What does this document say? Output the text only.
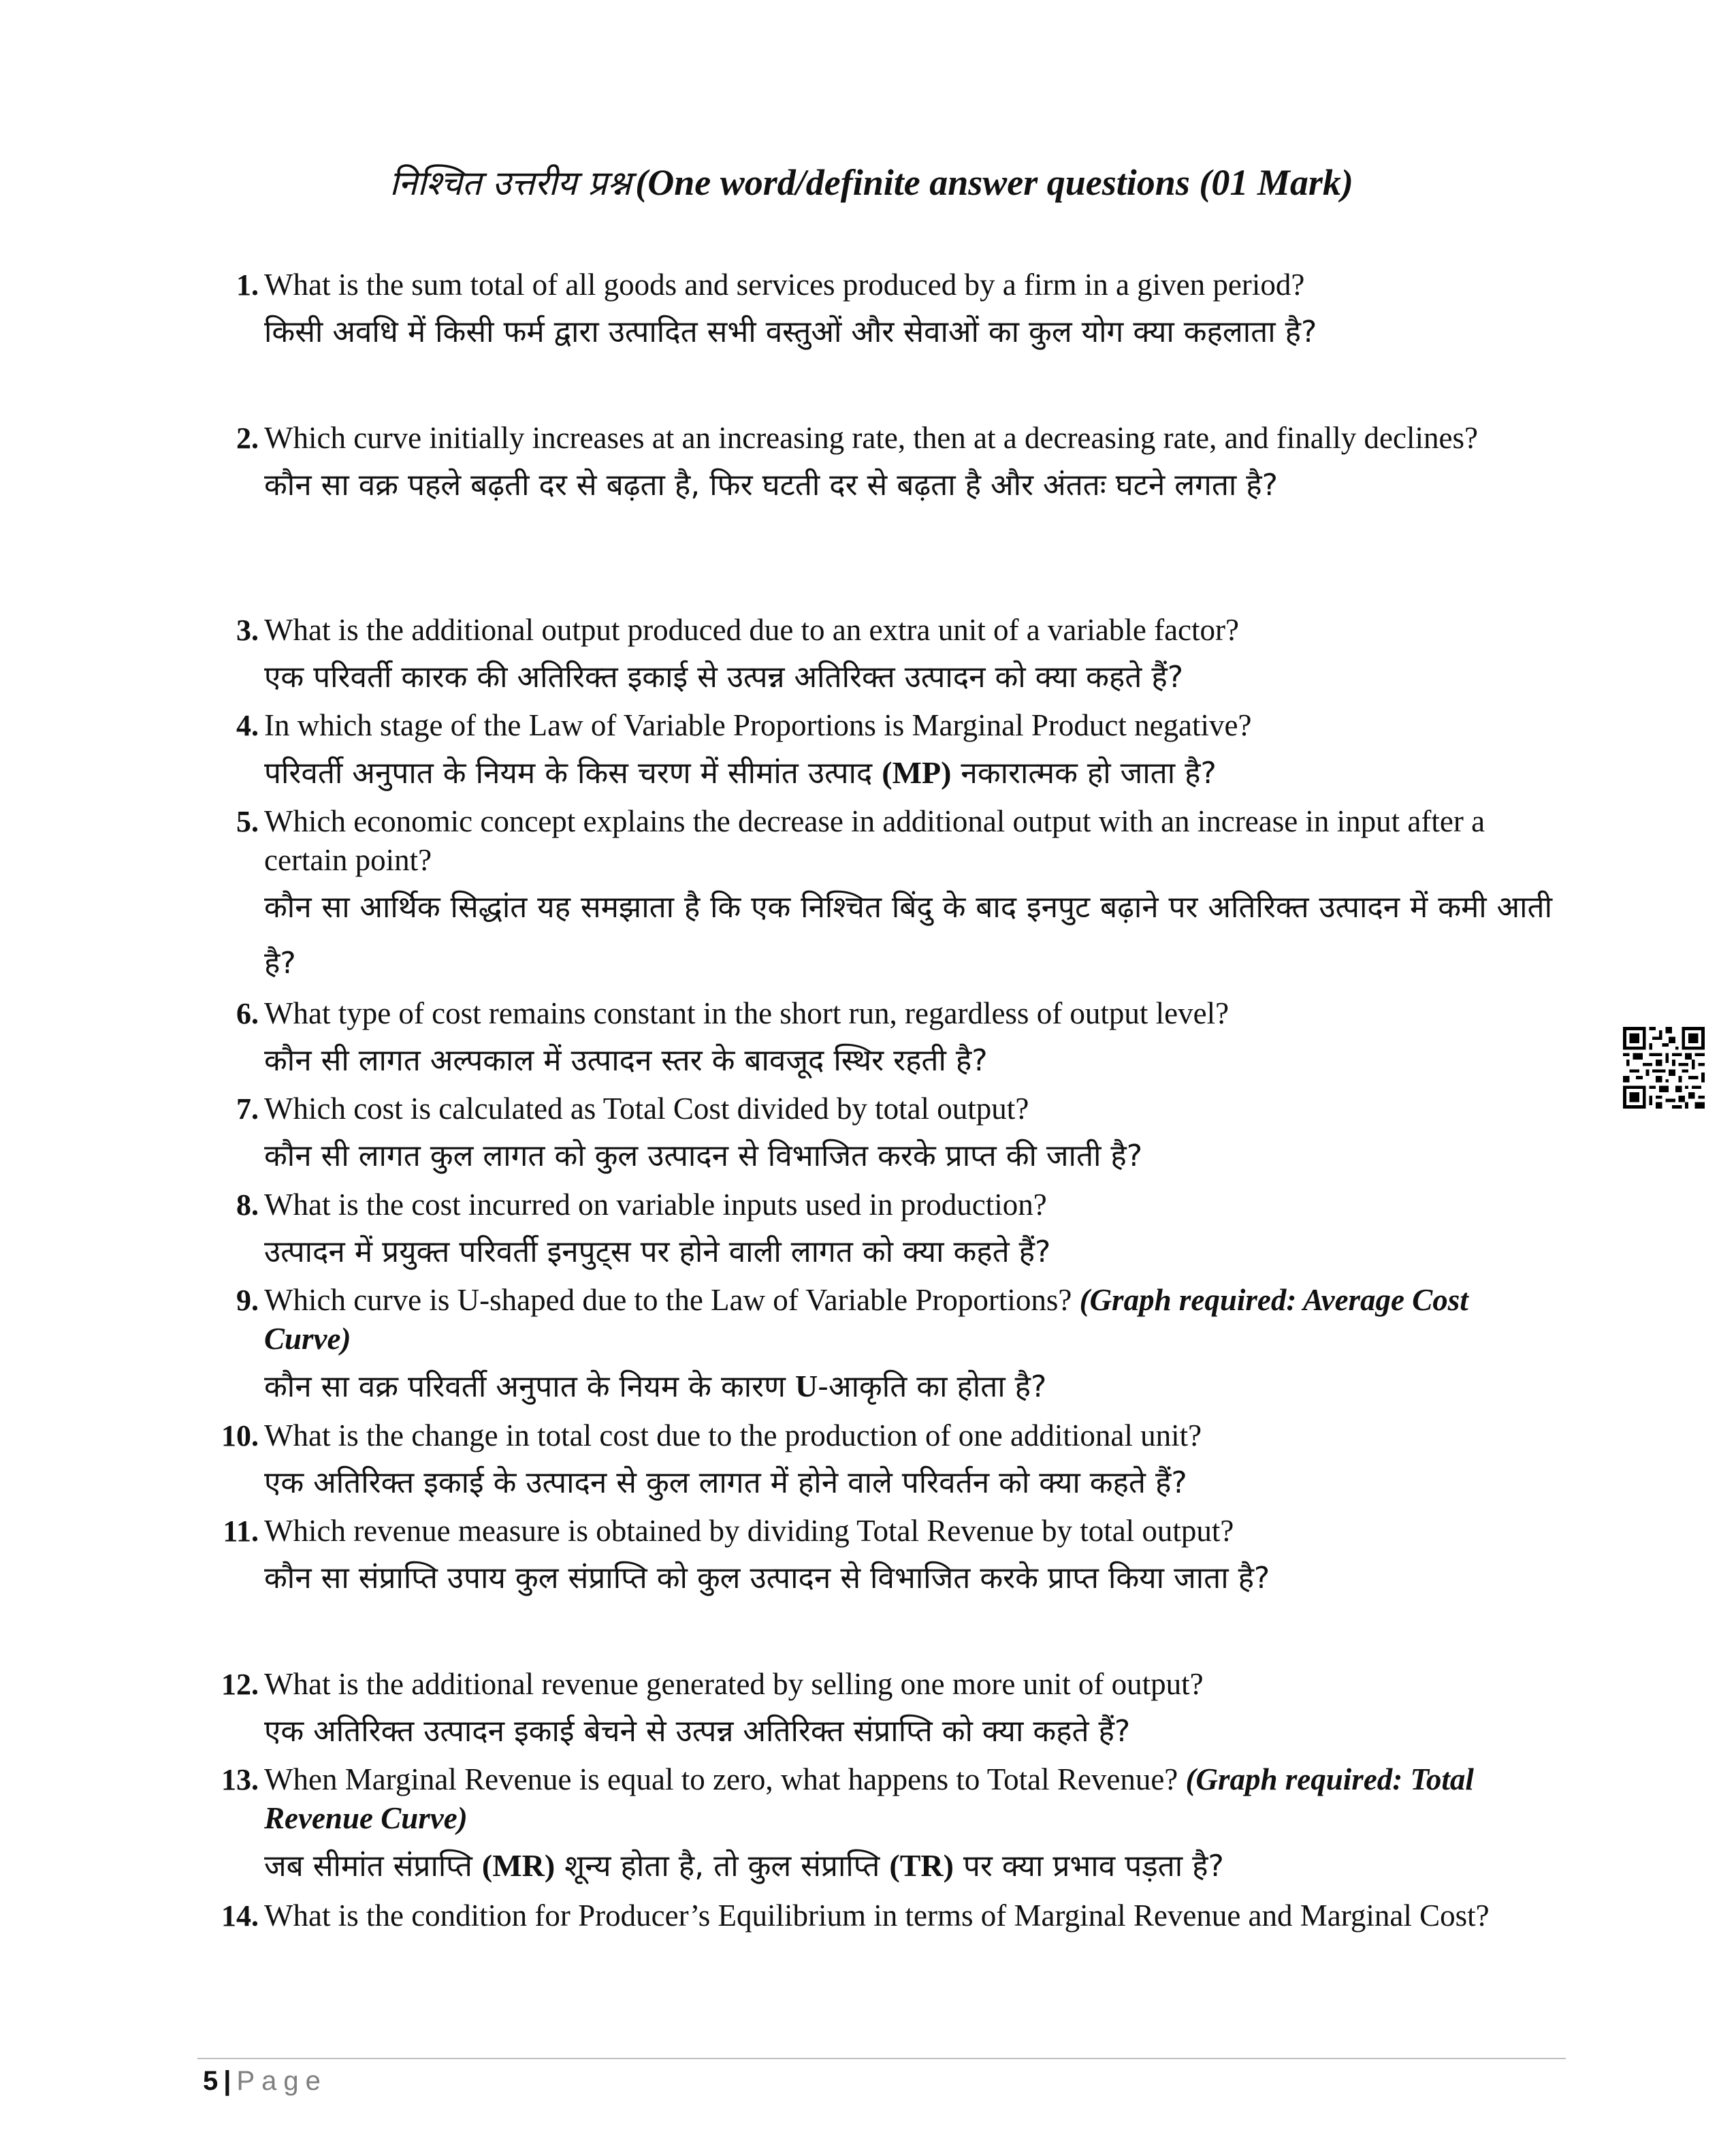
निश्चित उत्तरीय प्रश्न (One word/definite answer questions (01 Mark)
1. What is the sum total of all goods and services produced by a firm in a given period?
किसी अवधि में किसी फर्म द्वारा उत्पादित सभी वस्तुओं और सेवाओं का कुल योग क्या कहलाता है?
2. Which curve initially increases at an increasing rate, then at a decreasing rate, and finally declines?
कौन सा वक्र पहले बढ़ती दर से बढ़ता है, फिर घटती दर से बढ़ता है और अंततः घटने लगता है?
3. What is the additional output produced due to an extra unit of a variable factor?
एक परिवर्ती कारक की अतिरिक्त इकाई से उत्पन्न अतिरिक्त उत्पादन को क्या कहते हैं?
4. In which stage of the Law of Variable Proportions is Marginal Product negative?
परिवर्ती अनुपात के नियम के किस चरण में सीमांत उत्पाद (MP) नकारात्मक हो जाता है?
5. Which economic concept explains the decrease in additional output with an increase in input after a certain point?
कौन सा आर्थिक सिद्धांत यह समझाता है कि एक निश्चित बिंदु के बाद इनपुट बढ़ाने पर अतिरिक्त उत्पादन में कमी आती है?
6. What type of cost remains constant in the short run, regardless of output level?
कौन सी लागत अल्पकाल में उत्पादन स्तर के बावजूद स्थिर रहती है?
7. Which cost is calculated as Total Cost divided by total output?
कौन सी लागत कुल लागत को कुल उत्पादन से विभाजित करके प्राप्त की जाती है?
8. What is the cost incurred on variable inputs used in production?
उत्पादन में प्रयुक्त परिवर्ती इनपुट्स पर होने वाली लागत को क्या कहते हैं?
9. Which curve is U-shaped due to the Law of Variable Proportions? (Graph required: Average Cost Curve)
कौन सा वक्र परिवर्ती अनुपात के नियम के कारण U-आकृति का होता है?
10. What is the change in total cost due to the production of one additional unit?
एक अतिरिक्त इकाई के उत्पादन से कुल लागत में होने वाले परिवर्तन को क्या कहते हैं?
11. Which revenue measure is obtained by dividing Total Revenue by total output?
कौन सा संप्राप्ति उपाय कुल संप्राप्ति को कुल उत्पादन से विभाजित करके प्राप्त किया जाता है?
12. What is the additional revenue generated by selling one more unit of output?
एक अतिरिक्त उत्पादन इकाई बेचने से उत्पन्न अतिरिक्त संप्राप्ति को क्या कहते हैं?
13. When Marginal Revenue is equal to zero, what happens to Total Revenue? (Graph required: Total Revenue Curve)
जब सीमांत संप्राप्ति (MR) शून्य होता है, तो कुल संप्राप्ति (TR) पर क्या प्रभाव पड़ता है?
14. What is the condition for Producer’s Equilibrium in terms of Marginal Revenue and Marginal Cost?
5 | Page
